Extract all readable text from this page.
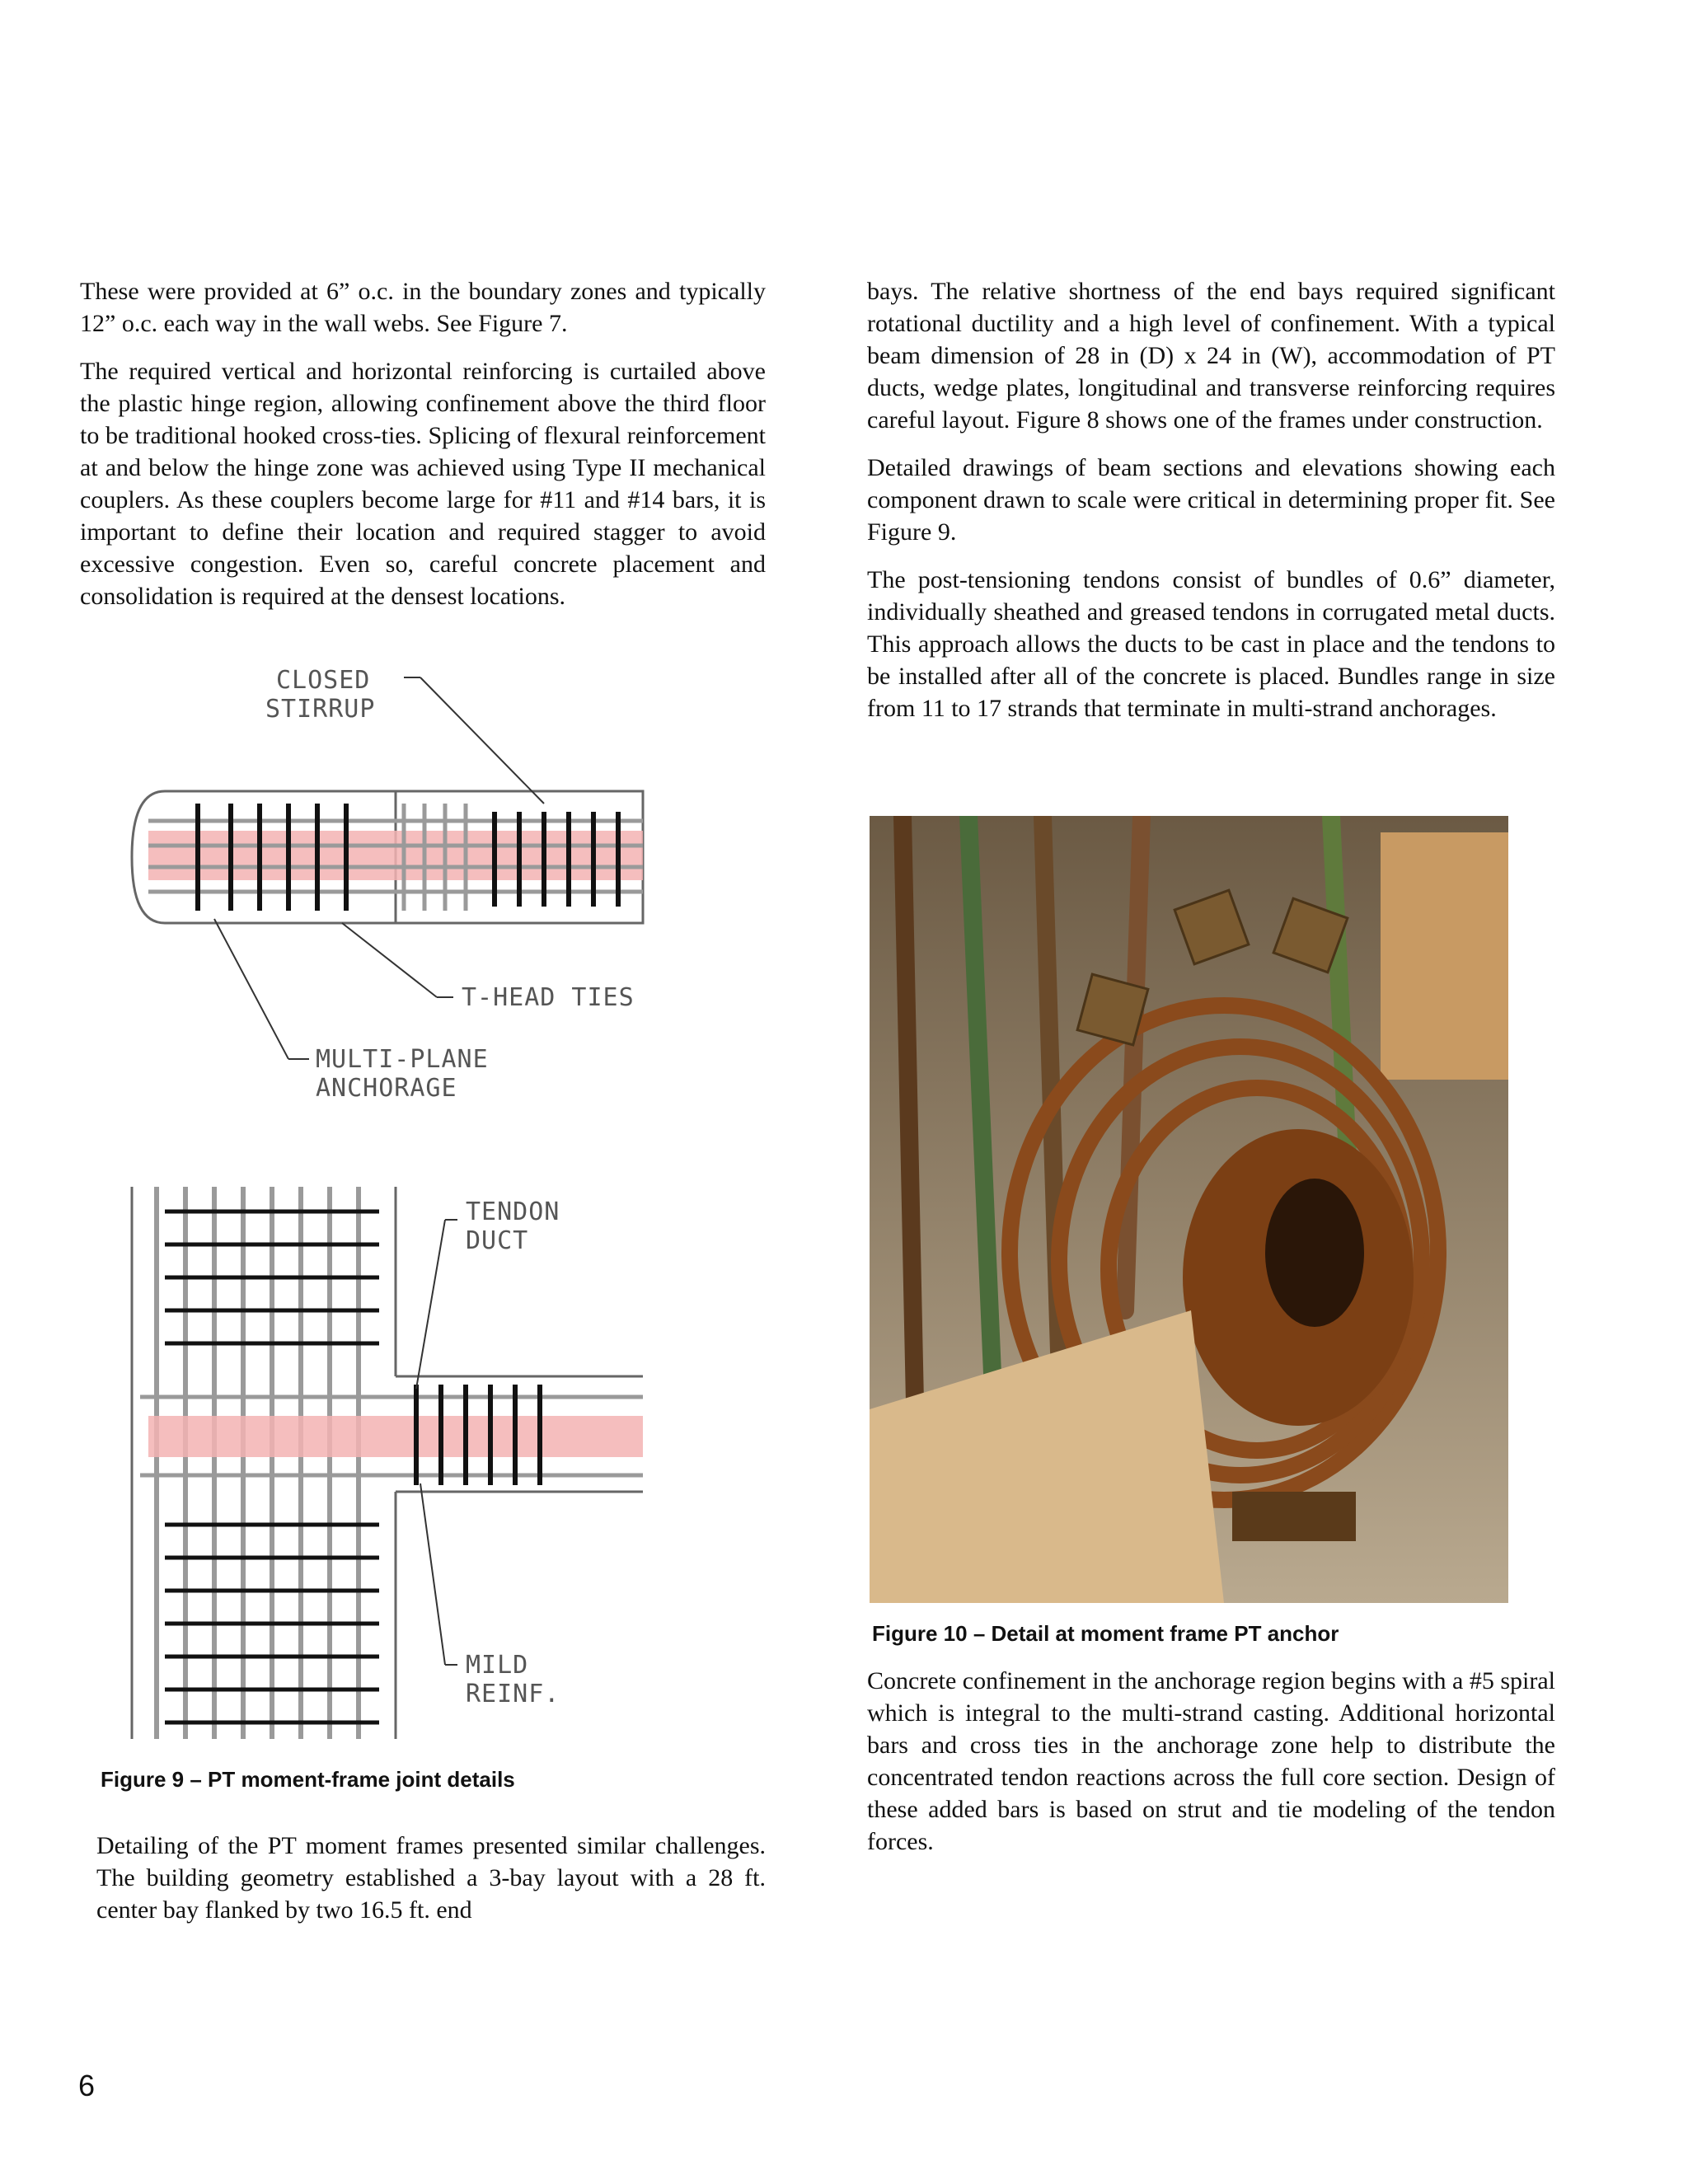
These were provided at 6” o.c. in the boundary zones and typically 12” o.c. each way in the wall webs. See Figure 7.

The required vertical and horizontal reinforcing is curtailed above the plastic hinge region, allowing confinement above the third floor to be traditional hooked cross-ties. Splicing of flexural reinforcement at and below the hinge zone was achieved using Type II mechanical couplers. As these couplers become large for #11 and #14 bars, it is important to define their location and required stagger to avoid excessive congestion. Even so, careful concrete placement and consolidation is required at the densest locations.

CLOSED
STIRRUP
T-HEAD TIES
MULTI-PLANE
ANCHORAGE
TENDON
DUCT
MILD
REINF.
Figure 9 – PT moment-frame joint details

Detailing of the PT moment frames presented similar challenges. The building geometry established a 3-bay layout with a 28 ft. center bay flanked by two 16.5 ft. end

bays. The relative shortness of the end bays required significant rotational ductility and a high level of confinement. With a typical beam dimension of 28 in (D) x 24 in (W), accommodation of PT ducts, wedge plates, longitudinal and transverse reinforcing requires careful layout. Figure 8 shows one of the frames under construction.

Detailed drawings of beam sections and elevations showing each component drawn to scale were critical in determining proper fit. See Figure 9.

The post-tensioning tendons consist of bundles of 0.6” diameter, individually sheathed and greased tendons in corrugated metal ducts. This approach allows the ducts to be cast in place and the tendons to be installed after all of the concrete is placed. Bundles range in size from 11 to 17 strands that terminate in multi-strand anchorages.

Figure 10 – Detail at moment frame PT anchor

Concrete confinement in the anchorage region begins with a #5 spiral which is integral to the multi-strand casting. Additional horizontal bars and cross ties in the anchorage zone help to distribute the concentrated tendon reactions across the full core section. Design of these added bars is based on strut and tie modeling of the tendon forces.

6
